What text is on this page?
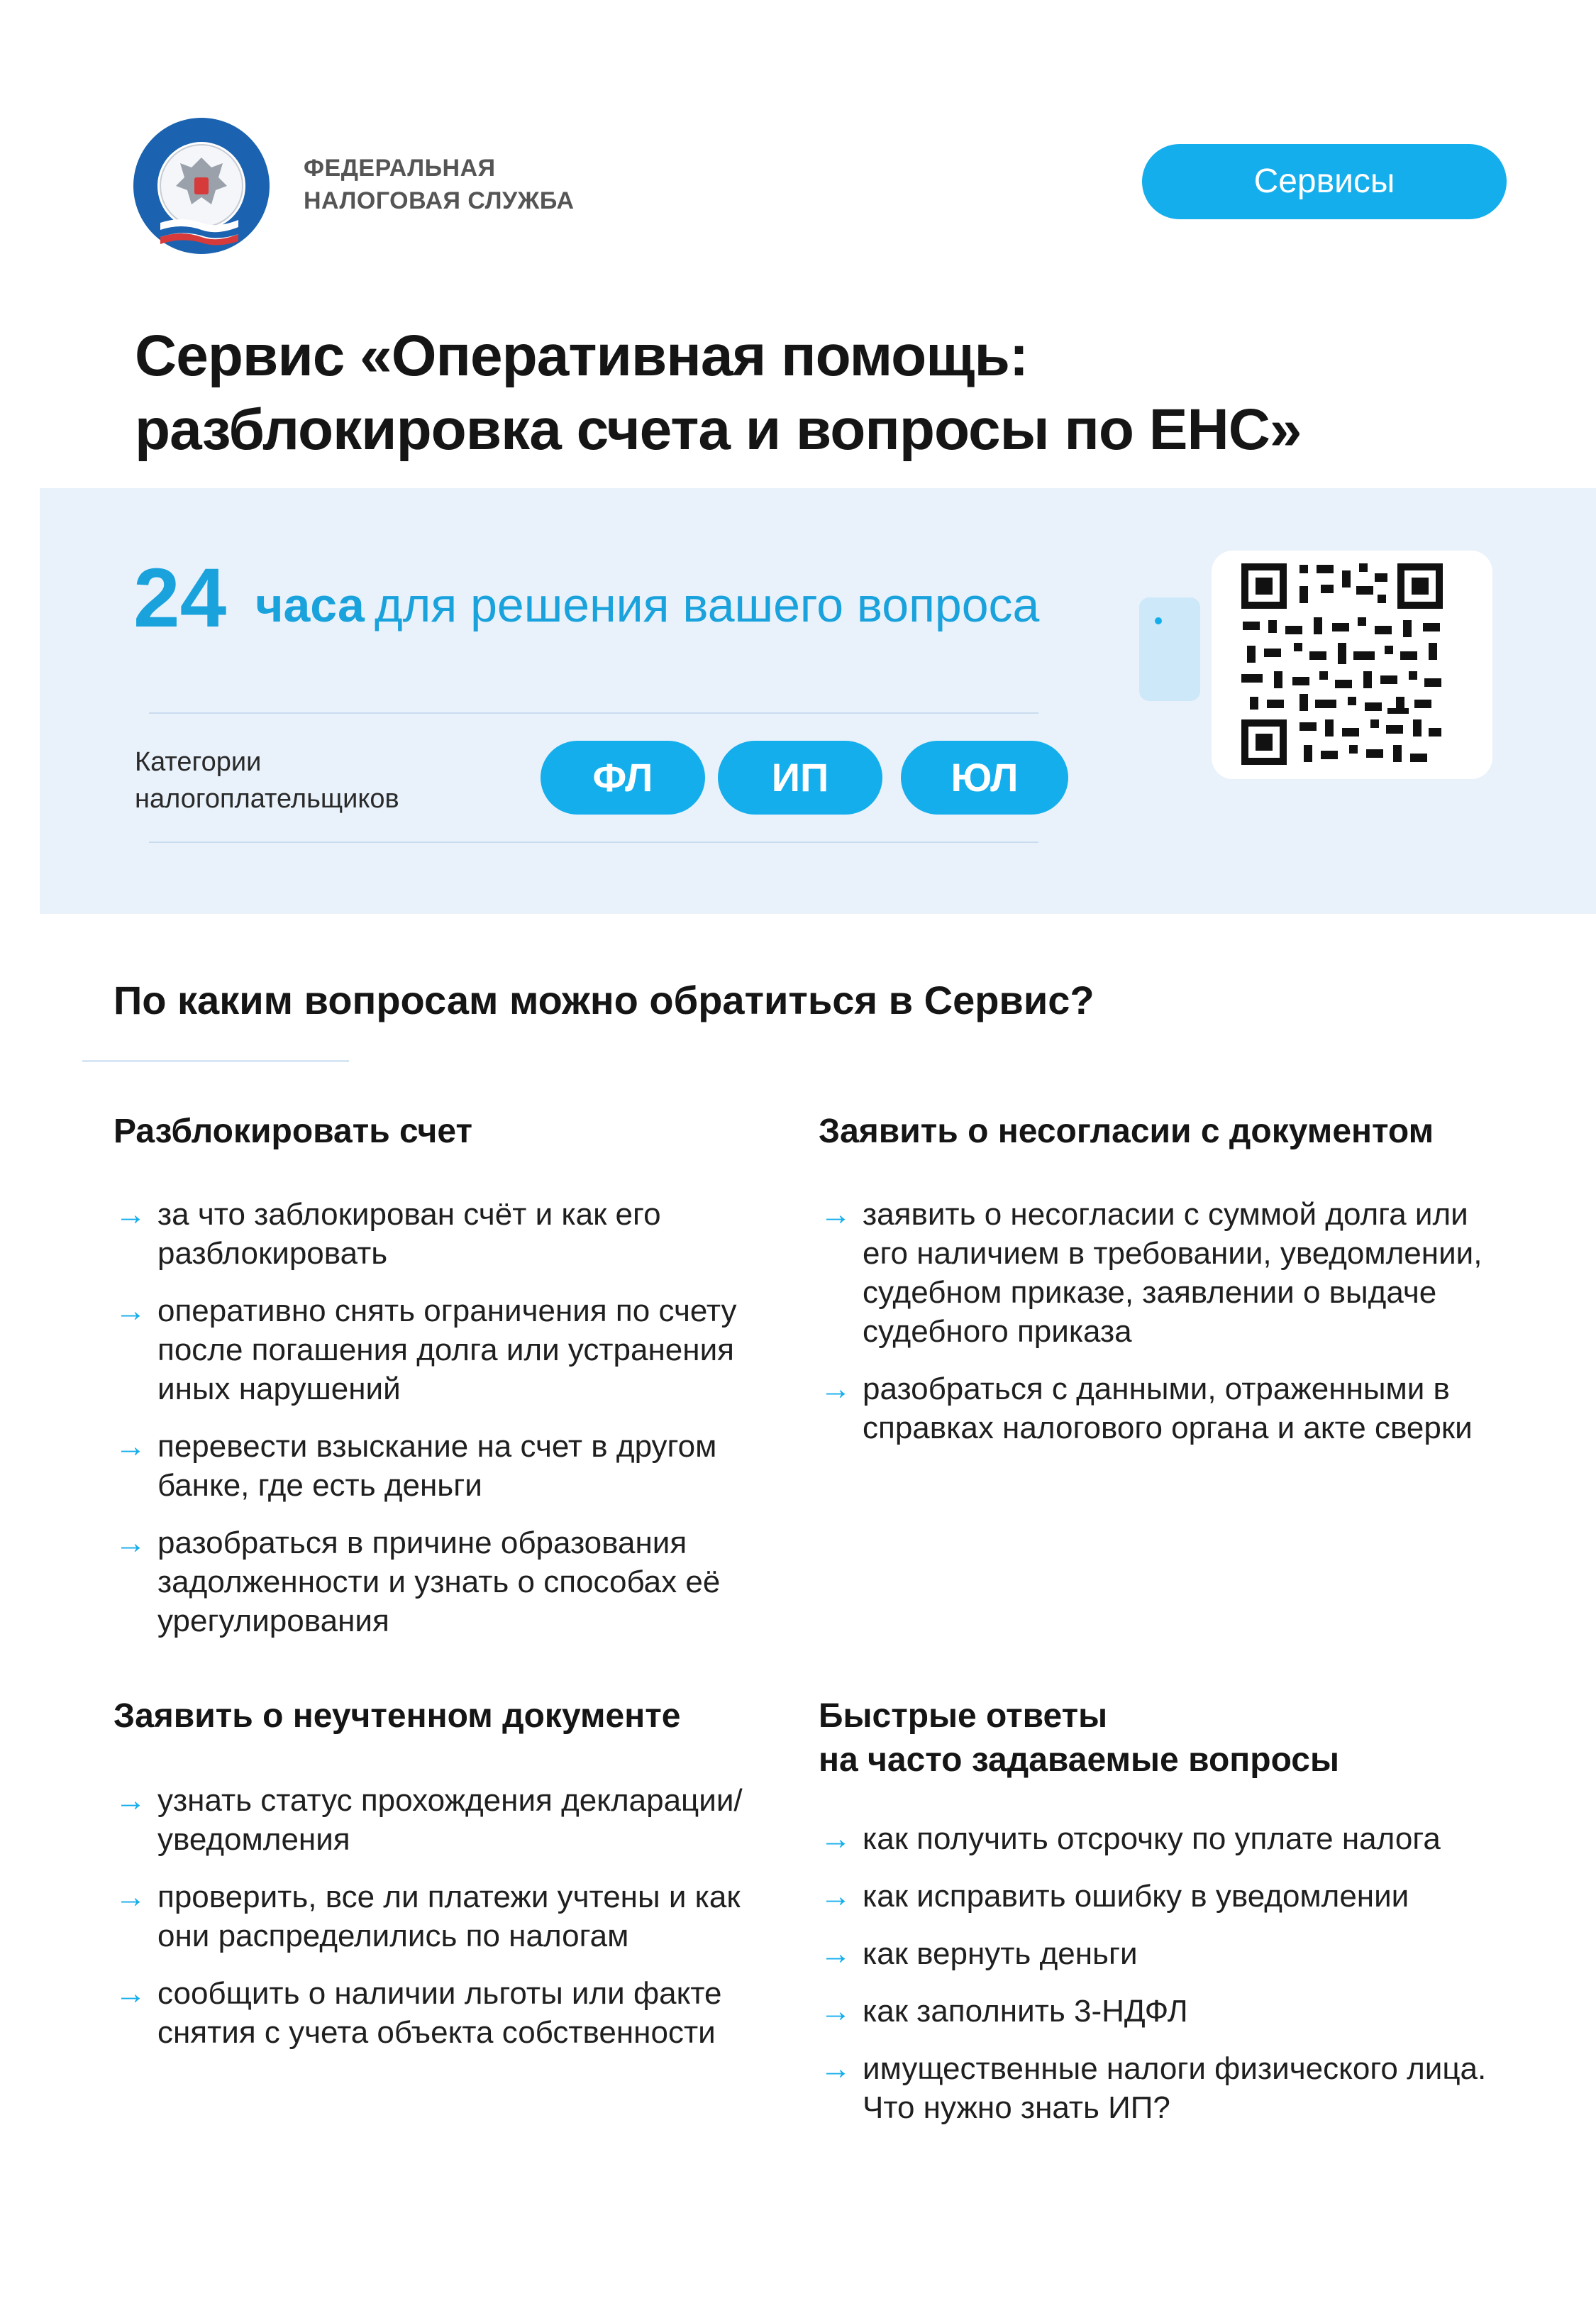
ФЕДЕРАЛЬНАЯ
НАЛОГОВАЯ СЛУЖБА
Сервисы
Сервис «Оперативная помощь:
разблокировка счета и вопросы по ЕНС»
24 часа для решения вашего вопроса
Категории
налогоплательщиков	ФЛ	ИП	ЮЛ
По каким вопросам можно обратиться в Сервис?
Разблокировать счет
→ за что заблокирован счёт и как его разблокировать
→ оперативно снять ограничения по счету после погашения долга или устранения иных нарушений
→ перевести взыскание на счет в другом банке, где есть деньги
→ разобраться в причине образования задолженности и узнать о способах её урегулирования
Заявить о несогласии с документом
→ заявить о несогласии с суммой долга или его наличием в требовании, уведомлении, судебном приказе, заявлении о выдаче судебного приказа
→ разобраться с данными, отраженными в справках налогового органа и акте сверки
Заявить о неучтенном документе
→ узнать статус прохождения декларации/уведомления
→ проверить, все ли платежи учтены и как они распределились по налогам
→ сообщить о наличии льготы или факте снятия с учета объекта собственности
Быстрые ответы
на часто задаваемые вопросы
→ как получить отсрочку по уплате налога
→ как исправить ошибку в уведомлении
→ как вернуть деньги
→ как заполнить 3-НДФЛ
→ имущественные налоги физического лица. Что нужно знать ИП?
